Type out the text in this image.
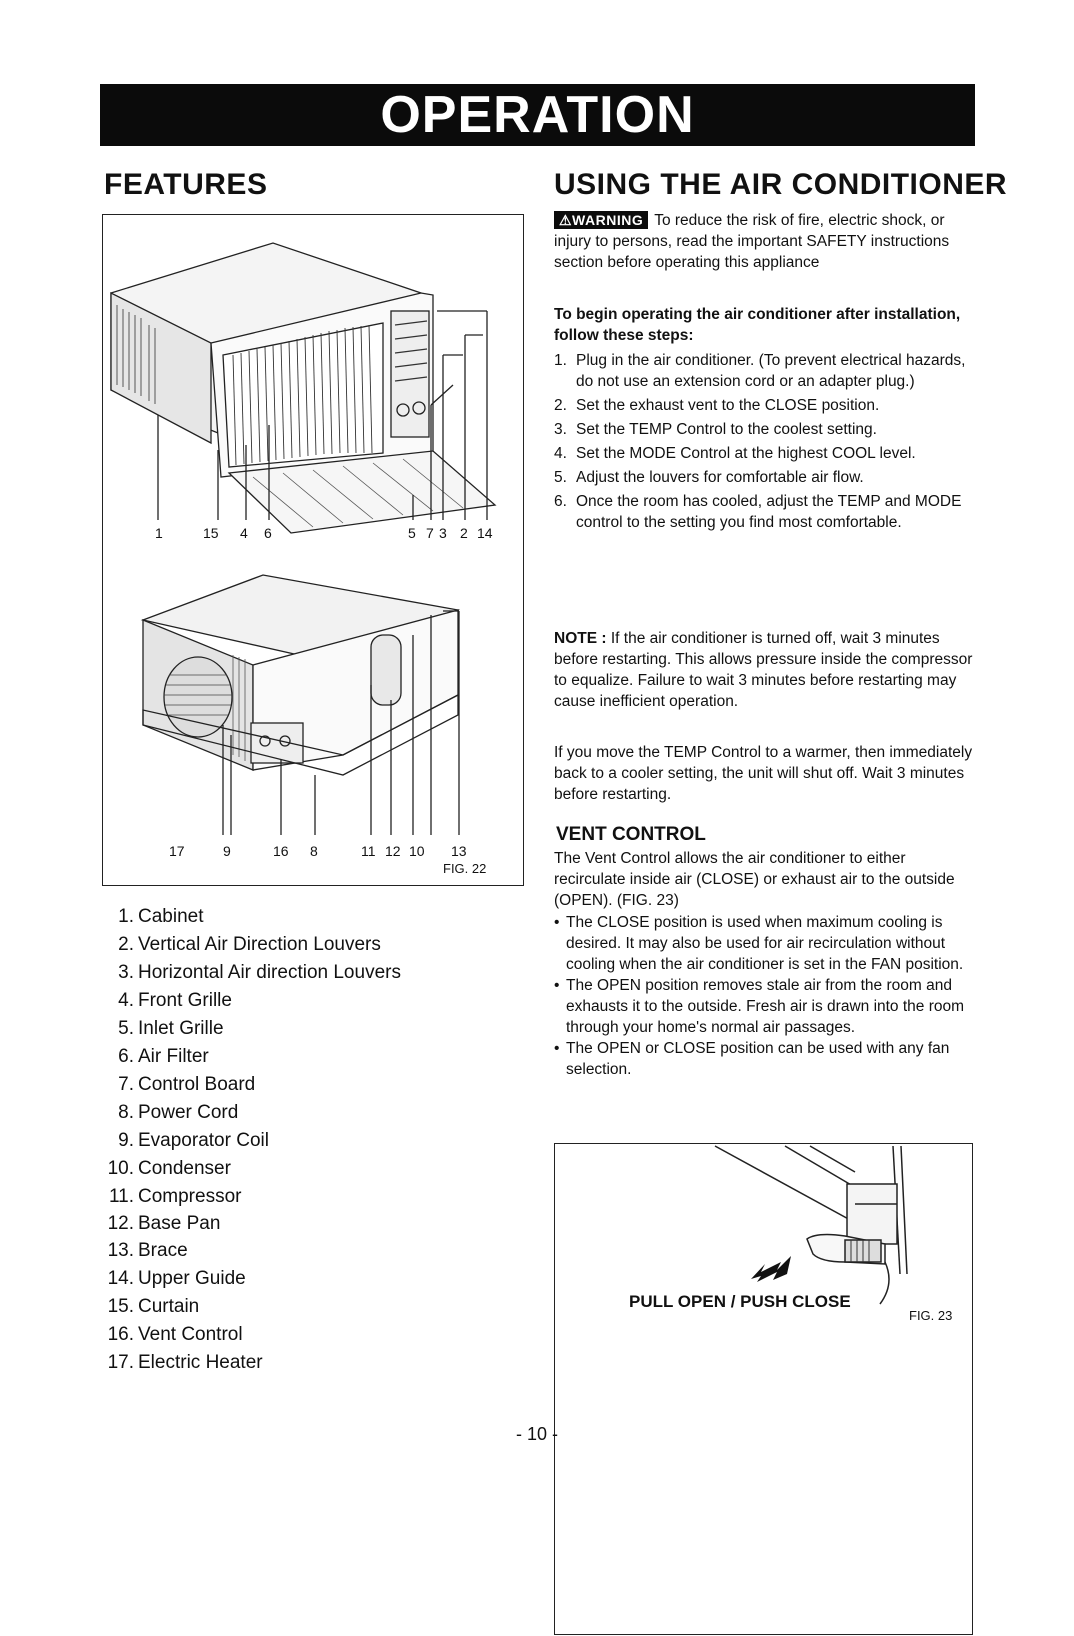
OPERATION
FEATURES
1	15 4 6	5 7 3 2 14
17	9	16 8	11 12 10 13
FIG. 22
1. Cabinet
2. Vertical Air Direction Louvers
3. Horizontal Air direction Louvers
4. Front Grille
5. Inlet Grille
6. Air Filter
7. Control Board
8. Power Cord
9. Evaporator Coil
10. Condenser
11. Compressor
12. Base Pan
13. Brace
14. Upper Guide
15. Curtain
16. Vent Control
17. Electric Heater
USING THE AIR CONDITIONER
⚠WARNING To reduce the risk of fire, electric shock, or injury to persons, read the important SAFETY instructions section before operating this appliance
To begin operating the air conditioner after installation, follow these steps:
1. Plug in the air conditioner. (To prevent electrical hazards, do not use an extension cord or an adapter plug.)
2. Set the exhaust vent to the CLOSE position.
3. Set the TEMP Control to the coolest setting.
4. Set the MODE Control at the highest COOL level.
5. Adjust the louvers for comfortable air flow.
6. Once the room has cooled, adjust the TEMP and MODE control to the setting you find most comfortable.
NOTE : If the air conditioner is turned off, wait 3 minutes before restarting. This allows pressure inside the compressor to equalize. Failure to wait 3 minutes before restarting may cause inefficient operation.
If you move the TEMP Control to a warmer, then immediately back to a cooler setting, the unit will shut off. Wait 3 minutes before restarting.
VENT CONTROL
The Vent Control allows the air conditioner to either recirculate inside air (CLOSE) or exhaust air to the outside (OPEN). (FIG. 23)
• The CLOSE position is used when maximum cooling is desired. It may also be used for air recirculation without cooling when the air conditioner is set in the FAN position.
• The OPEN position removes stale air from the room and exhausts it to the outside. Fresh air is drawn into the room through your home's normal air passages.
• The OPEN or CLOSE position can be used with any fan selection.
PULL OPEN / PUSH CLOSE
FIG. 23
- 10 -
